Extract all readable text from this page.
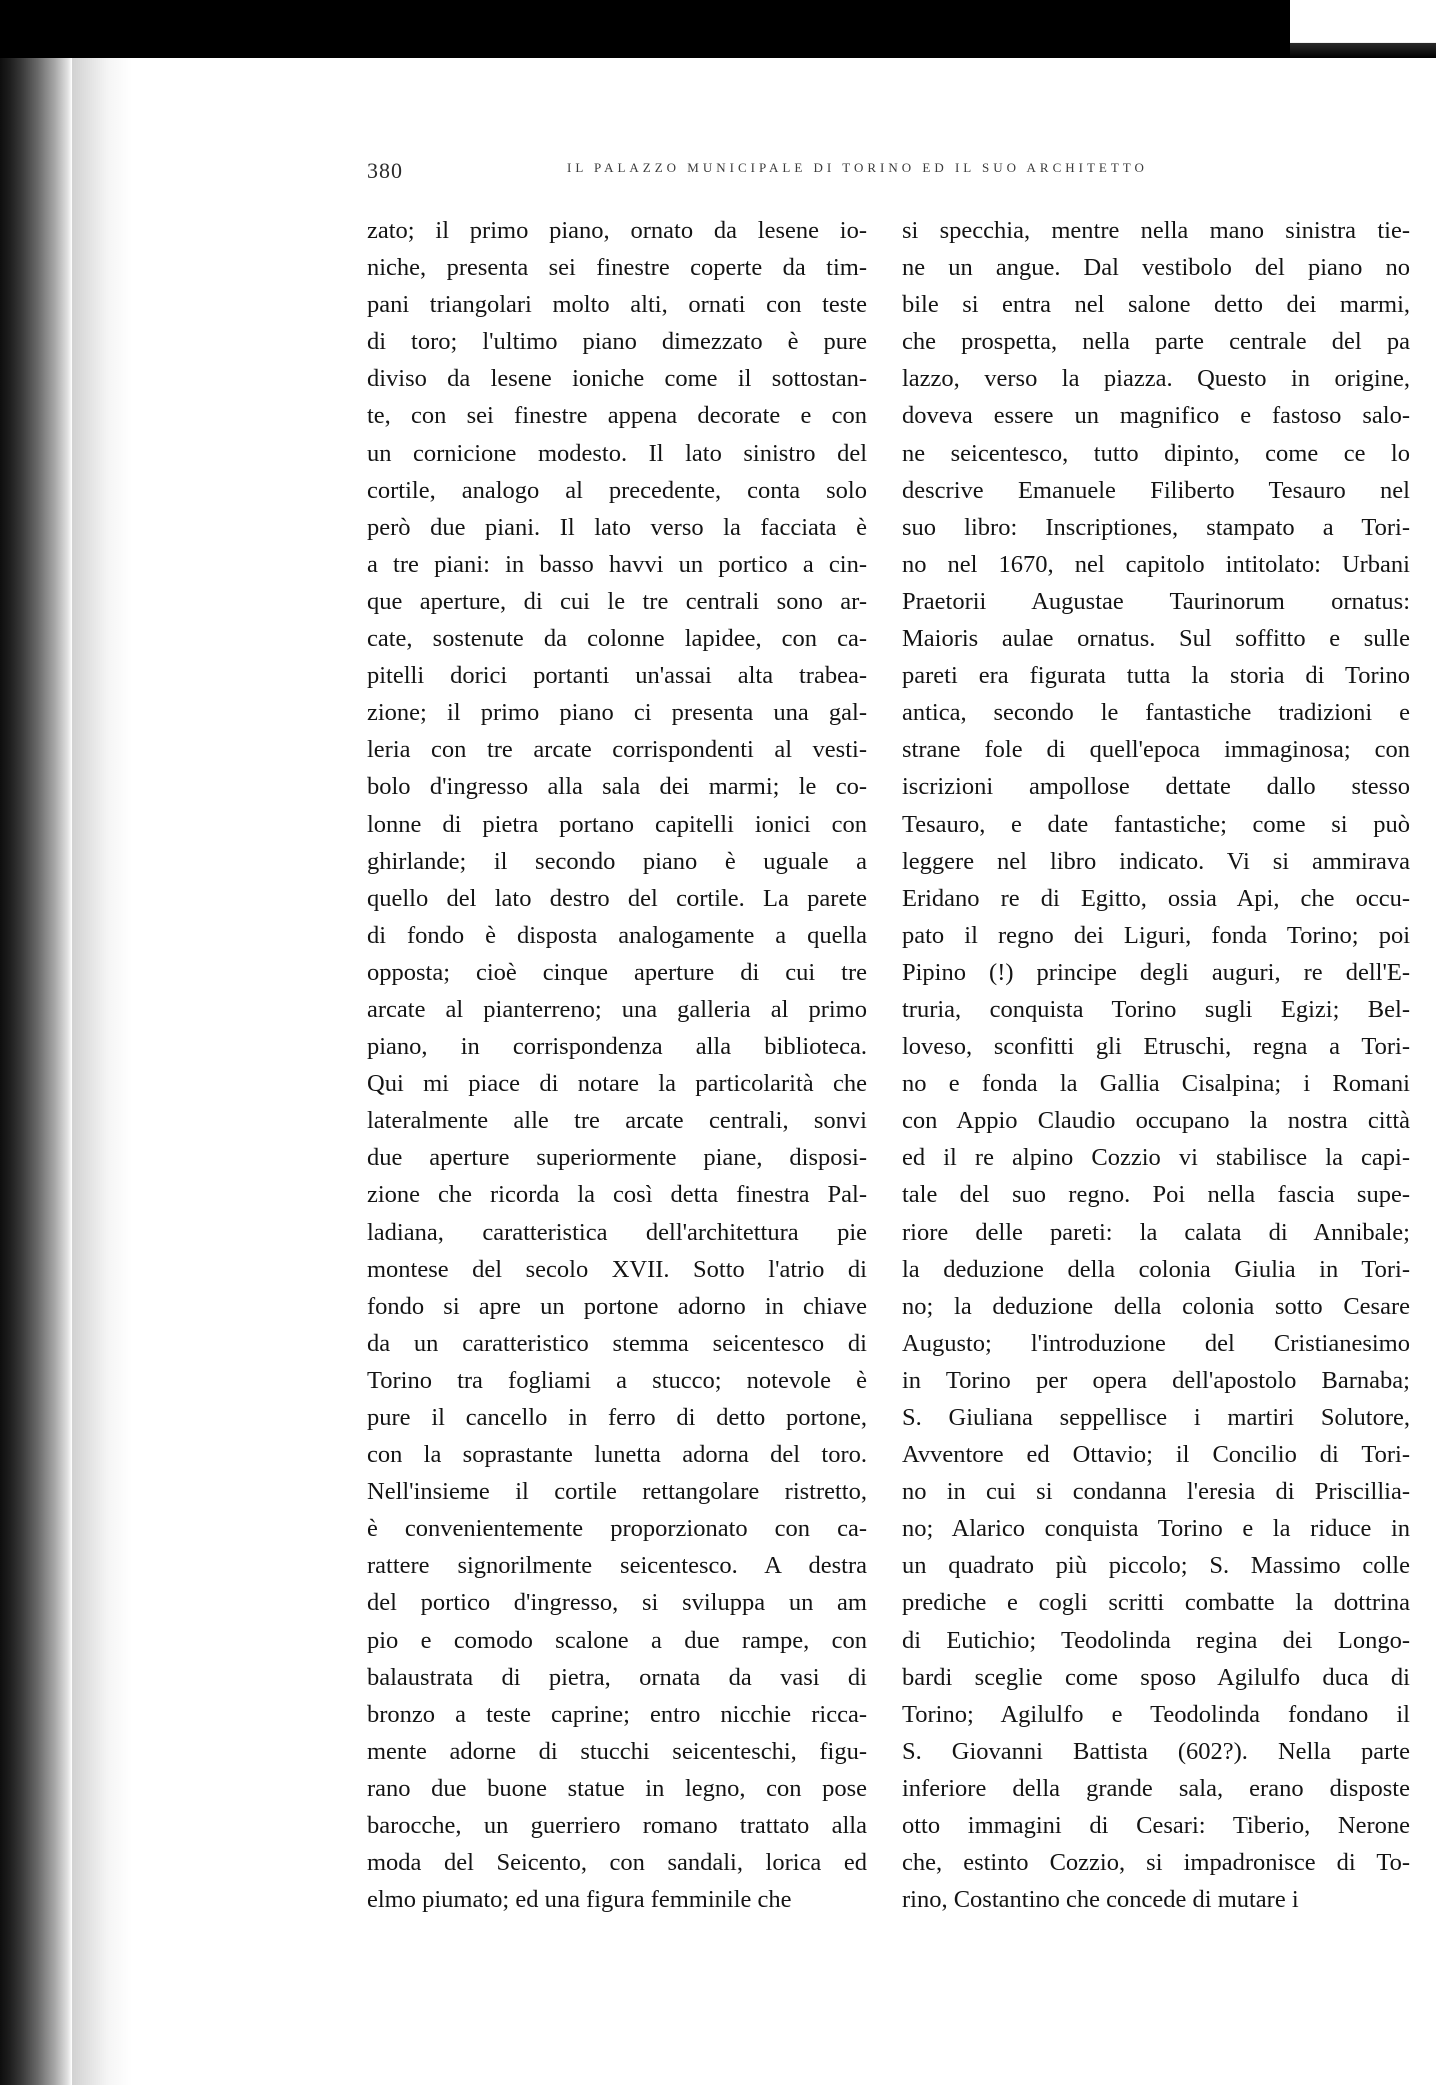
380	IL PALAZZO MUNICIPALE DI TORINO ED IL SUO ARCHITETTO
zato; il primo piano, ornato da lesene io-
niche, presenta sei finestre coperte da tim-
pani triangolari molto alti, ornati con teste
di toro; l'ultimo piano dimezzato è pure
diviso da lesene ioniche come il sottostan-
te, con sei finestre appena decorate e con
un cornicione modesto. Il lato sinistro del
cortile, analogo al precedente, conta solo
però due piani. Il lato verso la facciata è
a tre piani: in basso havvi un portico a cin-
que aperture, di cui le tre centrali sono ar-
cate, sostenute da colonne lapidee, con ca-
pitelli dorici portanti un'assai alta trabea-
zione; il primo piano ci presenta una gal-
leria con tre arcate corrispondenti al vesti-
bolo d'ingresso alla sala dei marmi; le co-
lonne di pietra portano capitelli ionici con
ghirlande; il secondo piano è uguale a
quello del lato destro del cortile. La parete
di fondo è disposta analogamente a quella
opposta; cioè cinque aperture di cui tre
arcate al pianterreno; una galleria al primo
piano, in corrispondenza alla biblioteca.
Qui mi piace di notare la particolarità che
lateralmente alle tre arcate centrali, sonvi
due aperture superiormente piane, disposi-
zione che ricorda la così detta finestra Pal-
ladiana, caratteristica dell'architettura pie
montese del secolo XVII. Sotto l'atrio di
fondo si apre un portone adorno in chiave
da un caratteristico stemma seicentesco di
Torino tra fogliami a stucco; notevole è
pure il cancello in ferro di detto portone,
con la soprastante lunetta adorna del toro.
Nell'insieme il cortile rettangolare ristretto,
è convenientemente proporzionato con ca-
rattere signorilmente seicentesco. A destra
del portico d'ingresso, si sviluppa un am
pio e comodo scalone a due rampe, con
balaustrata di pietra, ornata da vasi di
bronzo a teste caprine; entro nicchie ricca-
mente adorne di stucchi seicenteschi, figu-
rano due buone statue in legno, con pose
barocche, un guerriero romano trattato alla
moda del Seicento, con sandali, lorica ed
elmo piumato; ed una figura femminile che
si specchia, mentre nella mano sinistra tie-
ne un angue. Dal vestibolo del piano no
bile si entra nel salone detto dei marmi,
che prospetta, nella parte centrale del pa
lazzo, verso la piazza. Questo in origine,
doveva essere un magnifico e fastoso salo-
ne seicentesco, tutto dipinto, come ce lo
descrive Emanuele Filiberto Tesauro nel
suo libro: Inscriptiones, stampato a Tori-
no nel 1670, nel capitolo intitolato: Urbani
Praetorii Augustae Taurinorum ornatus:
Maioris aulae ornatus. Sul soffitto e sulle
pareti era figurata tutta la storia di Torino
antica, secondo le fantastiche tradizioni e
strane fole di quell'epoca immaginosa; con
iscrizioni ampollose dettate dallo stesso
Tesauro, e date fantastiche; come si può
leggere nel libro indicato. Vi si ammirava
Eridano re di Egitto, ossia Api, che occu-
pato il regno dei Liguri, fonda Torino; poi
Pipino (!) principe degli auguri, re dell'E-
truria, conquista Torino sugli Egizi; Bel-
loveso, sconfitti gli Etruschi, regna a Tori-
no e fonda la Gallia Cisalpina; i Romani
con Appio Claudio occupano la nostra città
ed il re alpino Cozzio vi stabilisce la capi-
tale del suo regno. Poi nella fascia supe-
riore delle pareti: la calata di Annibale;
la deduzione della colonia Giulia in Tori-
no; la deduzione della colonia sotto Cesare
Augusto; l'introduzione del Cristianesimo
in Torino per opera dell'apostolo Barnaba;
S. Giuliana seppellisce i martiri Solutore,
Avventore ed Ottavio; il Concilio di Tori-
no in cui si condanna l'eresia di Priscillia-
no; Alarico conquista Torino e la riduce in
un quadrato più piccolo; S. Massimo colle
prediche e cogli scritti combatte la dottrina
di Eutichio; Teodolinda regina dei Longo-
bardi sceglie come sposo Agilulfo duca di
Torino; Agilulfo e Teodolinda fondano il
S. Giovanni Battista (602?). Nella parte
inferiore della grande sala, erano disposte
otto immagini di Cesari: Tiberio, Nerone
che, estinto Cozzio, si impadronisce di To-
rino, Costantino che concede di mutare i
